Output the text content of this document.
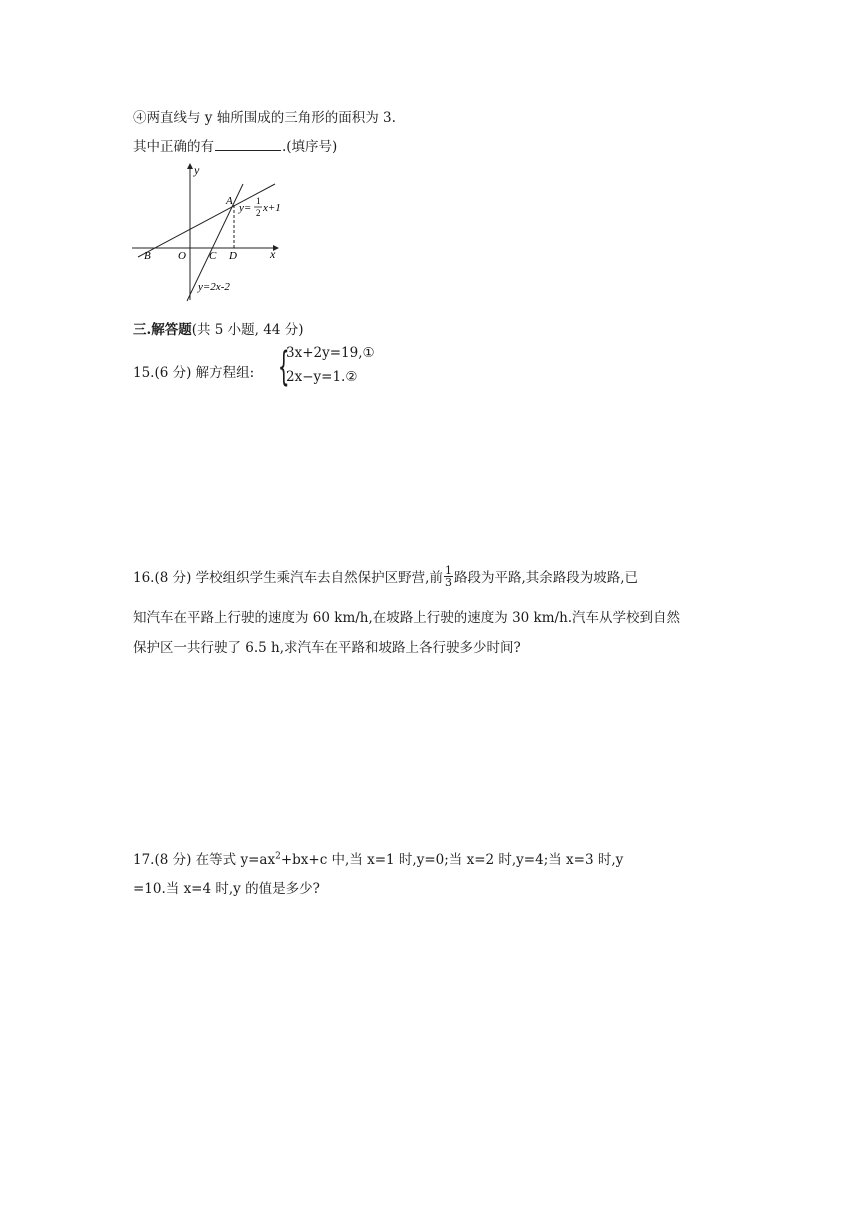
④两直线与 y 轴所围成的三角形的面积为 3.
其中正确的有	.(填序号)
y
x
A
B O C D
y=
1
2 x+1
y=2x-2
三.解答题(共 5 小题, 44 分)
15.(6 分) 解方程组: {
3x+2y=19,①
2x−y=1.②
16.(8 分) 学校组织学生乘汽车去自然保护区野营,前 $\frac{1}{3}$ 路段为平路,其余路段为坡路,已
知汽车在平路上行驶的速度为 60 km/h,在坡路上行驶的速度为 30 km/h.汽车从学校到自然
保护区一共行驶了 6.5 h,求汽车在平路和坡路上各行驶多少时间?
17.(8 分) 在等式 $y=ax^2+bx+c$ 中,当 x=1 时,y=0;当 x=2 时,y=4;当 x=3 时,y
=10.当 x=4 时,y 的值是多少?
